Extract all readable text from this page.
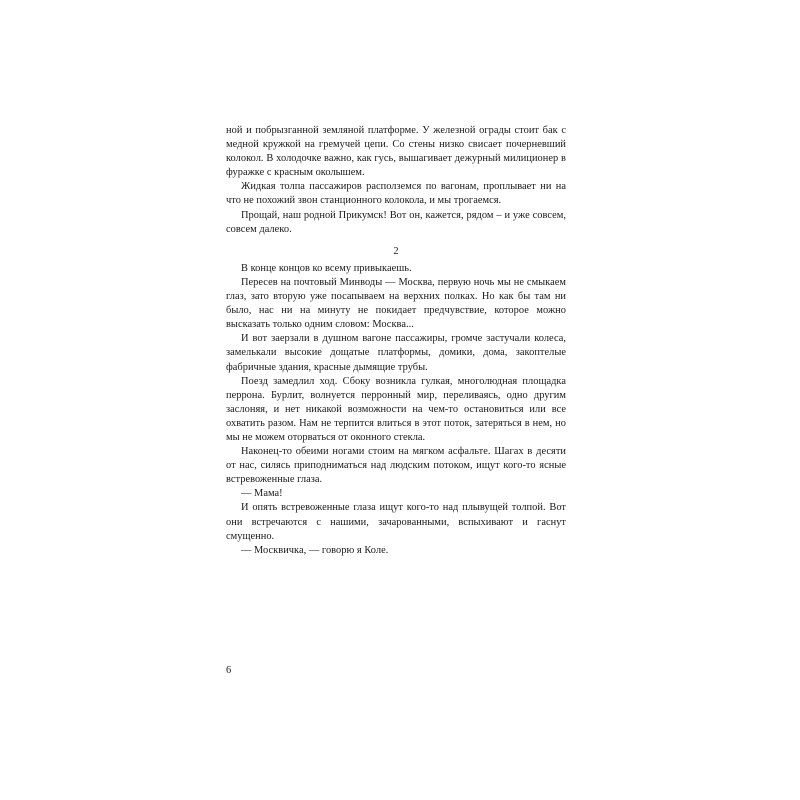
ной и побрызганной земляной платформе. У железной ограды стоит бак с медной кружкой на гремучей цепи. Со стены низко свисает почерневший колокол. В холодочке важно, как гусь, вышагивает дежурный милиционер в фуражке с красным околышем.

Жидкая толпа пассажиров располземся по вагонам, проплывает ни на что не похожий звон станционного колокола, и мы трогаемся.

Прощай, наш родной Прикумск! Вот он, кажется, рядом – и уже совсем, совсем далеко.

2

В конце концов ко всему привыкаешь.

Пересев на почтовый Минводы — Москва, первую ночь мы не смыкаем глаз, зато вторую уже посапываем на верхних полках. Но как бы там ни было, нас ни на минуту не покидает предчувствие, которое можно высказать только одним словом: Москва...

И вот заерзали в душном вагоне пассажиры, громче застучали колеса, замелькали высокие дощатые платформы, домики, дома, закоптелые фабричные здания, красные дымящие трубы.

Поезд замедлил ход. Сбоку возникла гулкая, многолюдная площадка перрона. Бурлит, волнуется перронный мир, переливаясь, одно другим заслоняя, и нет никакой возможности на чем-то остановиться или все охватить разом. Нам не терпится влиться в этот поток, затеряться в нем, но мы не можем оторваться от оконного стекла.

Наконец-то обеими ногами стоим на мягком асфальте. Шагах в десяти от нас, силясь приподниматься над людским потоком, ищут кого-то ясные встревоженные глаза.

— Мама!

И опять встревоженные глаза ищут кого-то над плывущей толпой. Вот они встречаются с нашими, зачарованными, вспыхивают и гаснут смущенно.

— Москвичка, — говорю я Коле.

6
